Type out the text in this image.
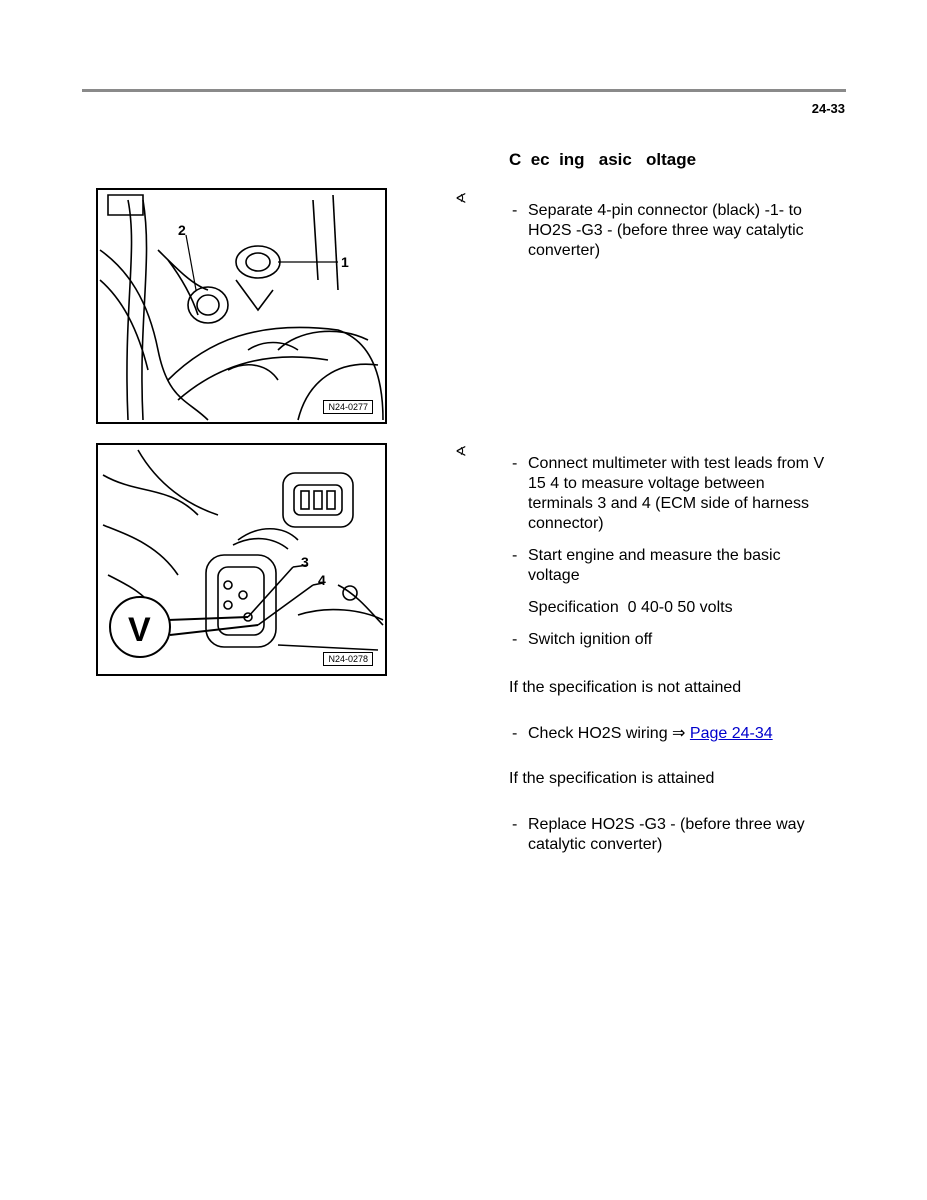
24-33
C  ec  ing   asic   oltage
1
2
N24-0277
∢
- Separate 4-pin connector (black) -1- to HO2S -G3 - (before three way catalytic converter)
V
3
4
N24-0278
∢
- Connect multimeter with test leads from V 15 4 to measure voltage between terminals 3 and 4 (ECM side of harness connector)
- Start engine and measure the basic voltage
Specification  0 40-0 50 volts
- Switch ignition off
If the specification is not attained
- Check HO2S wiring ⇒ Page 24-34
If the specification is attained
- Replace HO2S -G3 - (before three way catalytic converter)
